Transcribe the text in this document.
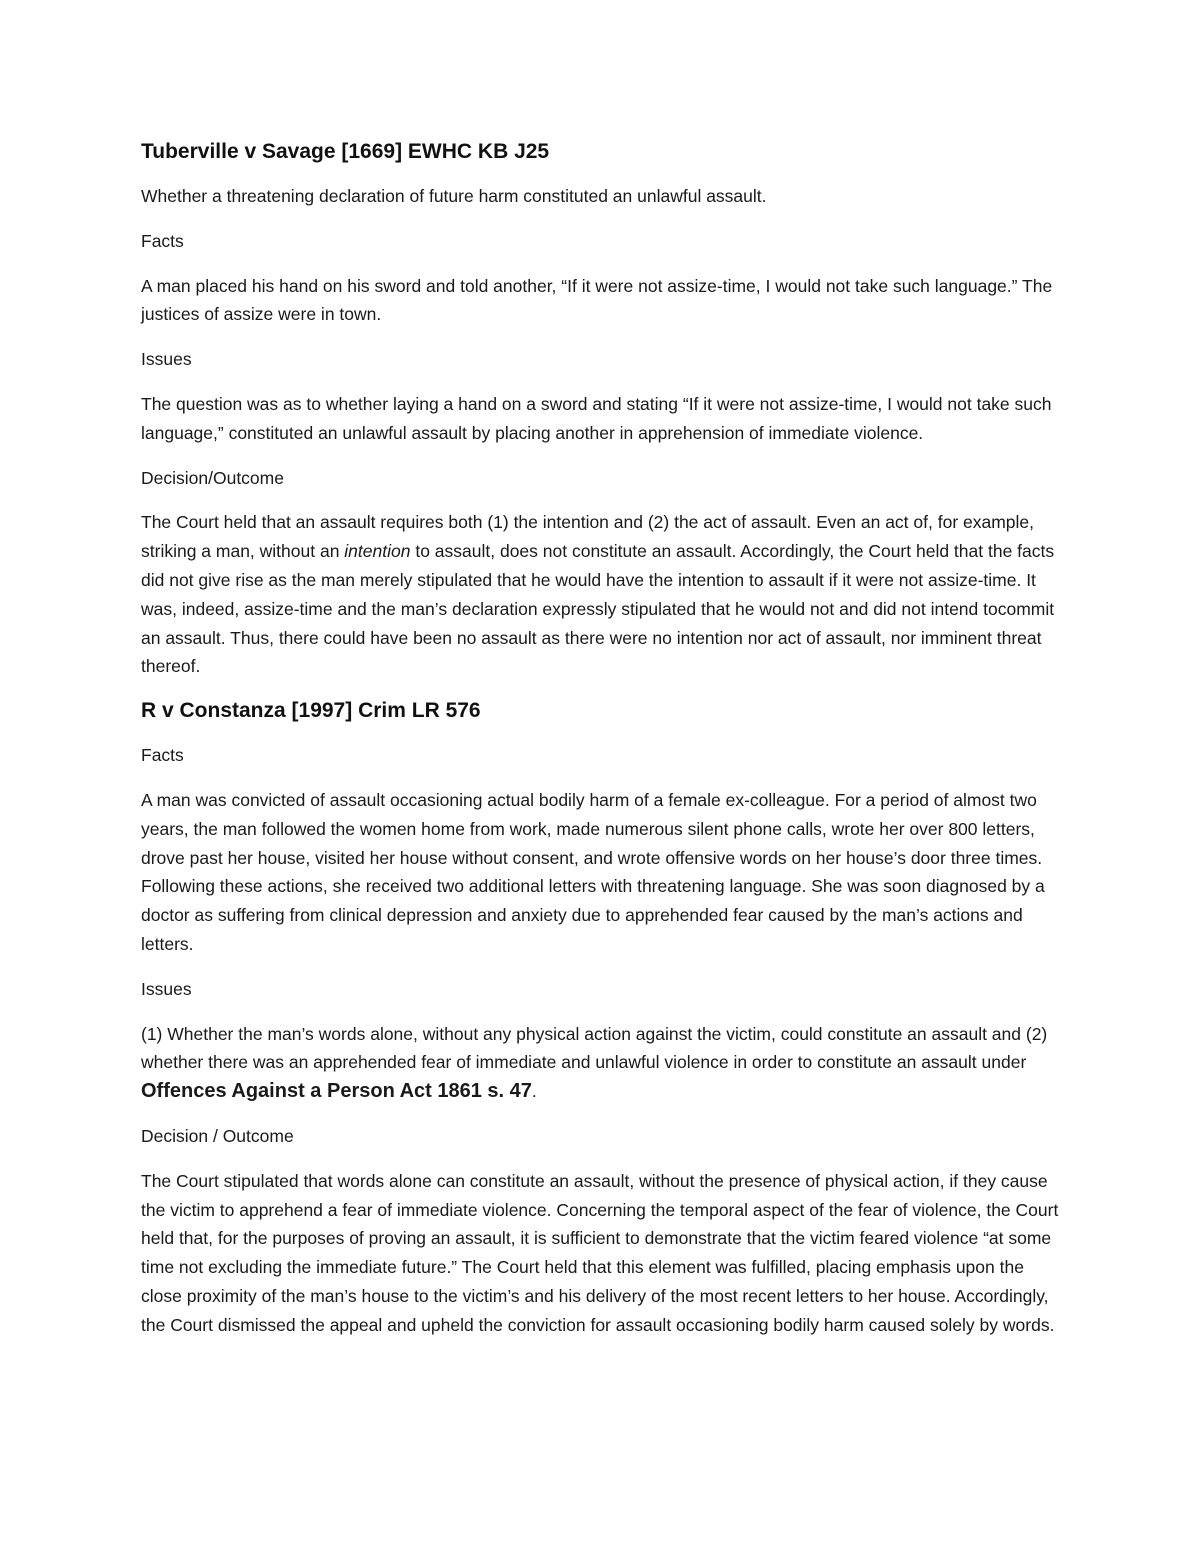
Tuberville v Savage [1669] EWHC KB J25

Whether a threatening declaration of future harm constituted an unlawful assault.

Facts

A man placed his hand on his sword and told another, “If it were not assize-time, I would not take such language.” The justices of assize were in town.

Issues

The question was as to whether laying a hand on a sword and stating “If it were not assize-time, I would not take such language,” constituted an unlawful assault by placing another in apprehension of immediate violence.

Decision/Outcome

The Court held that an assault requires both (1) the intention and (2) the act of assault. Even an act of, for example, striking a man, without an intention to assault, does not constitute an assault. Accordingly, the Court held that the facts did not give rise as the man merely stipulated that he would have the intention to assault if it were not assize-time. It was, indeed, assize-time and the man’s declaration expressly stipulated that he would not and did not intend tocommit an assault. Thus, there could have been no assault as there were no intention nor act of assault, nor imminent threat thereof.

R v Constanza [1997] Crim LR 576

Facts

A man was convicted of assault occasioning actual bodily harm of a female ex-colleague. For a period of almost two years, the man followed the women home from work, made numerous silent phone calls, wrote her over 800 letters, drove past her house, visited her house without consent, and wrote offensive words on her house’s door three times. Following these actions, she received two additional letters with threatening language. She was soon diagnosed by a doctor as suffering from clinical depression and anxiety due to apprehended fear caused by the man’s actions and letters.

Issues

(1) Whether the man’s words alone, without any physical action against the victim, could constitute an assault and (2) whether there was an apprehended fear of immediate and unlawful violence in order to constitute an assault under Offences Against a Person Act 1861 s. 47.

Decision / Outcome

The Court stipulated that words alone can constitute an assault, without the presence of physical action, if they cause the victim to apprehend a fear of immediate violence. Concerning the temporal aspect of the fear of violence, the Court held that, for the purposes of proving an assault, it is sufficient to demonstrate that the victim feared violence “at some time not excluding the immediate future.” The Court held that this element was fulfilled, placing emphasis upon the close proximity of the man’s house to the victim’s and his delivery of the most recent letters to her house. Accordingly, the Court dismissed the appeal and upheld the conviction for assault occasioning bodily harm caused solely by words.
